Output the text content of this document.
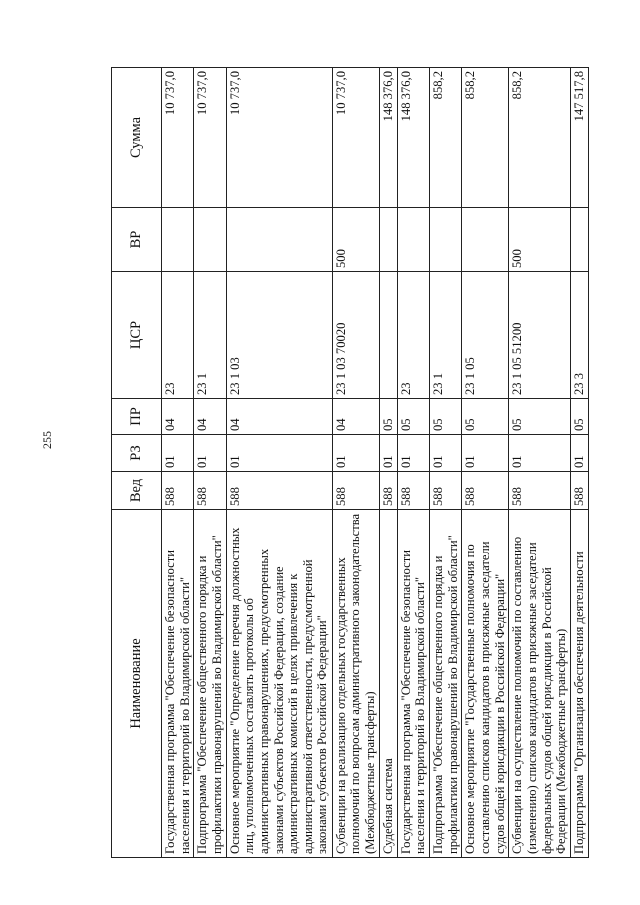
255
Наименование	Вед	РЗ	ПР	ЦСР	ВР	Сумма
Государственная программа "Обеспечение безопасности населения и территорий во Владимирской области"	588	01	04	23		10 737,0
Подпрограмма "Обеспечение общественного порядка и профилактики правонарушений во Владимирской области"	588	01	04	23 1		10 737,0
Основное мероприятие "Определение перечня должностных лиц, уполномоченных составлять протоколы об административных правонарушениях, предусмотренных законами субъектов Российской Федерации, создание административных комиссий в целях привлечения к административной ответственности, предусмотренной законами субъектов Российской Федерации"	588	01	04	23 1 03		10 737,0
Субвенции на реализацию отдельных государственных полномочий по вопросам административного законодательства (Межбюджетные трансферты)	588	01	04	23 1 03 70020	500	10 737,0
Судебная система	588	01	05			148 376,0
Государственная программа "Обеспечение безопасности населения и территорий во Владимирской области"	588	01	05	23		148 376,0
Подпрограмма "Обеспечение общественного порядка и профилактики правонарушений во Владимирской области"	588	01	05	23 1		858,2
Основное мероприятие "Государственные полномочия по составлению списков кандидатов в присяжные заседатели судов общей юрисдикции в Российской Федерации"	588	01	05	23 1 05		858,2
Субвенции на осуществление полномочий по составлению (изменению) списков кандидатов в присяжные заседатели федеральных судов общей юрисдикции в Российской Федерации (Межбюджетные трансферты)	588	01	05	23 1 05 51200	500	858,2
Подпрограмма "Организация обеспечения деятельности	588	01	05	23 3		147 517,8
